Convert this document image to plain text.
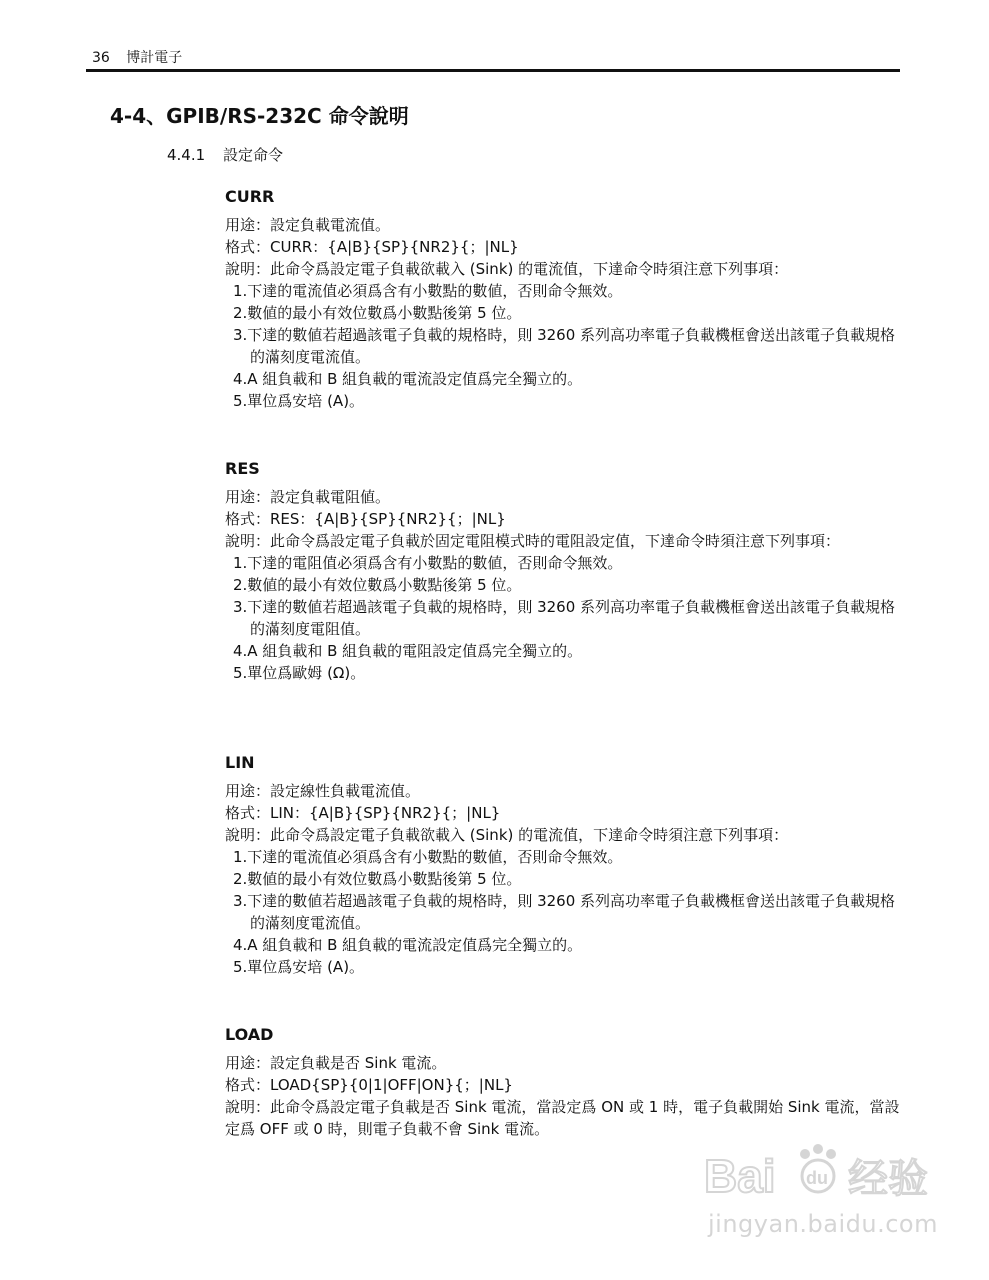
36 博計電子
4-4、GPIB/RS-232C 命令說明
4.4.1 設定命令
CURR
用途：設定負載電流值。
格式：CURR：{A|B}{SP}{NR2}{；|NL}
說明：此命令爲設定電子負載欲載入 (Sink) 的電流值，下達命令時須注意下列事項：
1.下達的電流值必須爲含有小數點的數値，否則命令無效。
2.數値的最小有效位數爲小數點後第 5 位。
3.下達的數値若超過該電子負載的規格時，則 3260 系列高功率電子負載機框會送出該電子負載規格的滿刻度電流值。
4.A 組負載和 B 組負載的電流設定值爲完全獨立的。
5.單位爲安培 (A)。
RES
用途：設定負載電阻値。
格式：RES：{A|B}{SP}{NR2}{；|NL}
說明：此命令爲設定電子負載於固定電阻模式時的電阻設定值，下達命令時須注意下列事項：
1.下達的電阻值必須爲含有小數點的數値，否則命令無效。
2.數値的最小有效位數爲小數點後第 5 位。
3.下達的數値若超過該電子負載的規格時，則 3260 系列高功率電子負載機框會送出該電子負載規格的滿刻度電阻值。
4.A 組負載和 B 組負載的電阻設定值爲完全獨立的。
5.單位爲歐姆 (Ω)。
LIN
用途：設定線性負載電流值。
格式：LIN：{A|B}{SP}{NR2}{；|NL}
說明：此命令爲設定電子負載欲載入 (Sink) 的電流值，下達命令時須注意下列事項：
1.下達的電流值必須爲含有小數點的數値，否則命令無效。
2.數値的最小有效位數爲小數點後第 5 位。
3.下達的數値若超過該電子負載的規格時，則 3260 系列高功率電子負載機框會送出該電子負載規格的滿刻度電流值。
4.A 組負載和 B 組負載的電流設定值爲完全獨立的。
5.單位爲安培 (A)。
LOAD
用途：設定負載是否 Sink 電流。
格式：LOAD{SP}{0|1|OFF|ON}{；|NL}
說明：此命令爲設定電子負載是否 Sink 電流，當設定爲 ON 或 1 時，電子負載開始 Sink 電流，當設定爲 OFF 或 0 時，則電子負載不會 Sink 電流。
Bai du 经验
jingyan.baidu.com
